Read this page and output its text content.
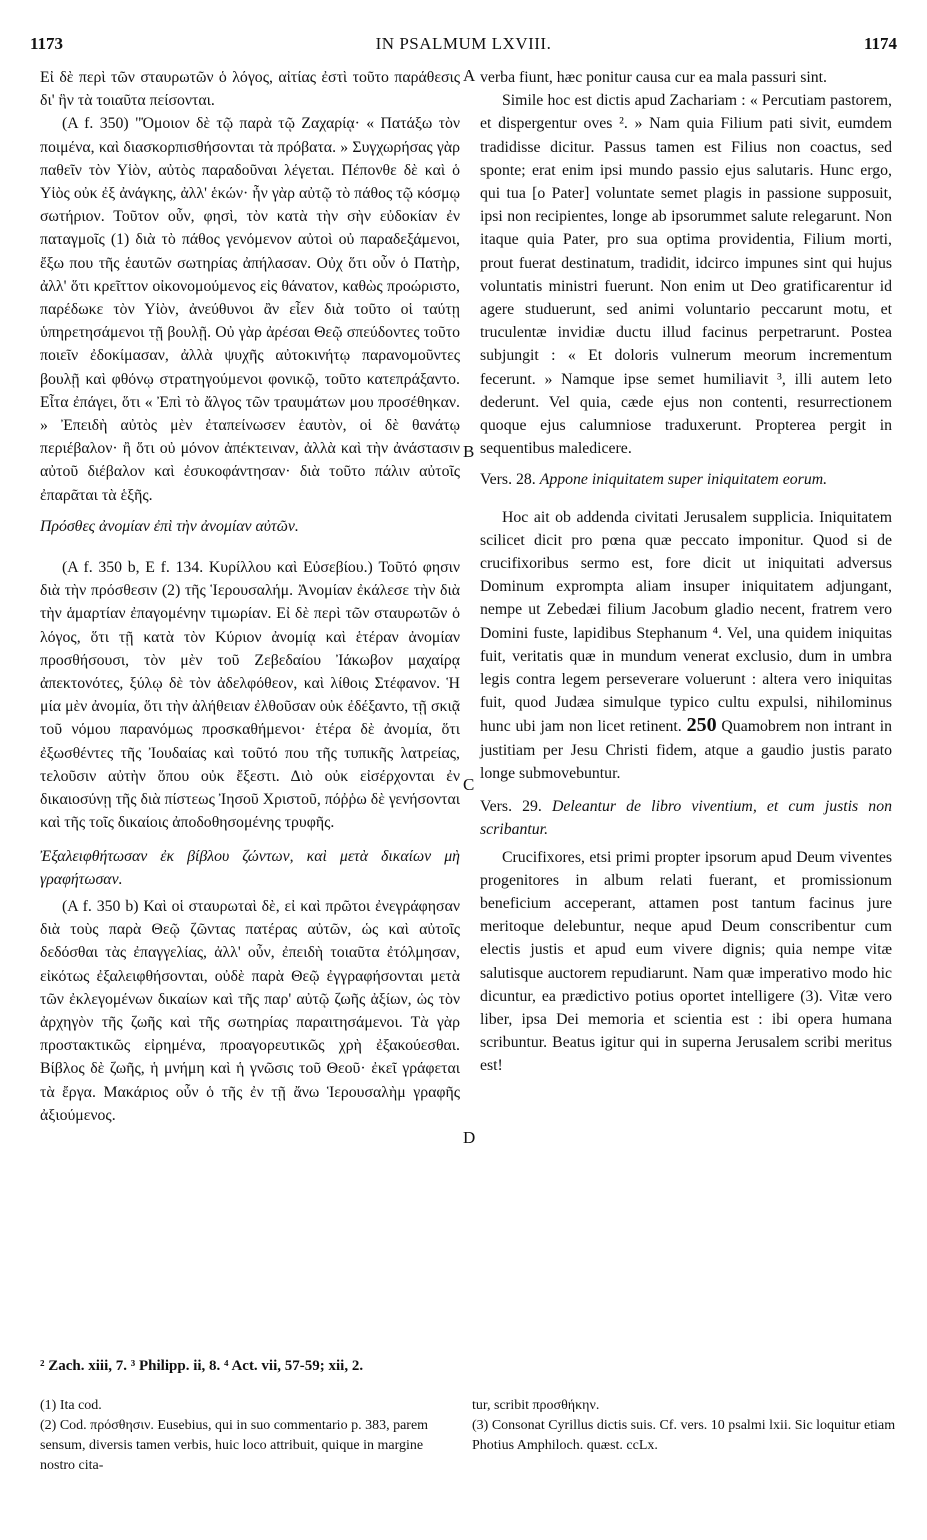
1173	IN PSALMUM LXVIII.	1174
A
B
C
D

Εἰ δὲ περὶ τῶν σταυρωτῶν ὁ λόγος, αἰτίας ἐστὶ τοῦτο παράθεσις δι' ἣν τὰ τοιαῦτα πείσονται.

(A f. 350) "Ὁμοιον δὲ τῷ παρὰ τῷ Ζαχαρίᾳ· « Πατάξω τὸν ποιμένα, καὶ διασκορπισθήσονται τὰ πρόβατα. » Συγχωρήσας γὰρ παθεῖν τὸν Υἱὸν, αὐτὸς παραδοῦναι λέγεται. Πέπονθε δὲ καὶ ὁ Υἱὸς οὐκ ἐξ ἀνάγκης, ἀλλ' ἑκών· ἦν γὰρ αὐτῷ τὸ πάθος τῷ κόσμῳ σωτήριον. Τοῦτον οὖν, φησὶ, τὸν κατὰ τὴν σὴν εὐδοκίαν ἐν παταγμοῖς (1) διὰ τὸ πάθος γενόμενον αὐτοὶ οὐ παραδεξάμενοι, ἔξω που τῆς ἑαυτῶν σωτηρίας ἀπήλασαν. Οὐχ ὅτι οὖν ὁ Πατὴρ, ἀλλ' ὅτι κρεῖττον οἰκονομούμενος εἰς θάνατον, καθὼς προώριστο, παρέδωκε τὸν Υἱὸν, ἀνεύθυνοι ἂν εἶεν διὰ τοῦτο οἱ ταύτῃ ὑπηρετησάμενοι τῇ βουλῇ. Οὐ γὰρ ἀρέσαι Θεῷ σπεύδοντες τοῦτο ποιεῖν ἐδοκίμασαν, ἀλλὰ ψυχῆς αὐτοκινήτῳ παρανομοῦντες βουλῇ καὶ φθόνῳ στρατηγούμενοι φονικῷ, τοῦτο κατεπράξαντο. Εἶτα ἐπάγει, ὅτι « Ἐπὶ τὸ ἄλγος τῶν τραυμάτων μου προσέθηκαν. » Ἐπειδὴ αὐτὸς μὲν ἐταπείνωσεν ἑαυτὸν, οἱ δὲ θανάτῳ περιέβαλον· ἢ ὅτι οὐ μόνον ἀπέκτειναν, ἀλλὰ καὶ τὴν ἀνάστασιν αὐτοῦ διέβαλον καὶ ἐσυκοφάντησαν· διὰ τοῦτο πάλιν αὐτοῖς ἐπαρᾶται τὰ ἑξῆς.

Πρόσθες ἀνομίαν ἐπὶ τὴν ἀνομίαν αὐτῶν.

(A f. 350 b, E f. 134. Κυρίλλου καὶ Εὐσεβίου.) Τοῦτό φησιν διὰ τὴν πρόσθεσιν (2) τῆς Ἱερουσαλήμ. Ἀνομίαν ἐκάλεσε τὴν διὰ τὴν ἁμαρτίαν ἐπαγομένην τιμωρίαν. Εἰ δὲ περὶ τῶν σταυρωτῶν ὁ λόγος, ὅτι τῇ κατὰ τὸν Κύριον ἀνομίᾳ καὶ ἑτέραν ἀνομίαν προσθήσουσι, τὸν μὲν τοῦ Ζεβεδαίου Ἰάκωβον μαχαίρᾳ ἀπεκτονότες, ξύλῳ δὲ τὸν ἀδελφόθεον, καὶ λίθοις Στέφανον. Ἡ μία μὲν ἀνομία, ὅτι τὴν ἀλήθειαν ἐλθοῦσαν οὐκ ἐδέξαντο, τῇ σκιᾷ τοῦ νόμου παρανόμως προσκαθήμενοι· ἑτέρα δὲ ἀνομία, ὅτι ἐξωσθέντες τῆς Ἰουδαίας καὶ τοῦτό που τῆς τυπικῆς λατρείας, τελοῦσιν αὐτὴν ὅπου οὐκ ἔξεστι. Διὸ οὐκ εἰσέρχονται ἐν δικαιοσύνῃ τῆς διὰ πίστεως Ἰησοῦ Χριστοῦ, πόῤῥω δὲ γενήσονται καὶ τῆς τοῖς δικαίοις ἀποδοθησομένης τρυφῆς.

Ἐξαλειφθήτωσαν ἐκ βίβλου ζώντων, καὶ μετὰ δικαίων μὴ γραφήτωσαν.

(A f. 350 b) Καὶ οἱ σταυρωταὶ δὲ, εἰ καὶ πρῶτοι ἐνεγράφησαν διὰ τοὺς παρὰ Θεῷ ζῶντας πατέρας αὐτῶν, ὡς καὶ αὐτοῖς δεδόσθαι τὰς ἐπαγγελίας, ἀλλ' οὖν, ἐπειδὴ τοιαῦτα ἐτόλμησαν, εἰκότως ἐξαλειφθήσονται, οὐδὲ παρὰ Θεῷ ἐγγραφήσονται μετὰ τῶν ἐκλεγομένων δικαίων καὶ τῆς παρ' αὐτῷ ζωῆς ἀξίων, ὡς τὸν ἀρχηγὸν τῆς ζωῆς καὶ τῆς σωτηρίας παραιτησάμενοι. Τὰ γὰρ προστακτικῶς εἰρημένα, προαγορευτικῶς χρὴ ἐξακούεσθαι. Βίβλος δὲ ζωῆς, ἡ μνήμη καὶ ἡ γνῶσις τοῦ Θεοῦ· ἐκεῖ γράφεται τὰ ἔργα. Μακάριος οὖν ὁ τῆς ἐν τῇ ἄνω Ἱερουσαλὴμ γραφῆς ἀξιούμενος.

verba fiunt, hæc ponitur causa cur ea mala passuri sint.

Simile hoc est dictis apud Zachariam : « Percutiam pastorem, et dispergentur oves ². » Nam quia Filium pati sivit, eumdem tradidisse dicitur. Passus tamen est Filius non coactus, sed sponte; erat enim ipsi mundo passio ejus salutaris. Hunc ergo, qui tua [o Pater] voluntate semet plagis in passione supposuit, ipsi non recipientes, longe ab ipsorummet salute relegarunt. Non itaque quia Pater, pro sua optima providentia, Filium morti, prout fuerat destinatum, tradidit, idcirco impunes sint qui hujus voluntatis ministri fuerunt. Non enim ut Deo gratificarentur id agere studuerunt, sed animi voluntario peccarunt motu, et truculentæ invidiæ ductu illud facinus perpetrarunt. Postea subjungit : « Et doloris vulnerum meorum incrementum fecerunt. » Namque ipse semet humiliavit ³, illi autem leto dederunt. Vel quia, cæde ejus non contenti, resurrectionem quoque ejus calumniose traduxerunt. Propterea pergit in sequentibus maledicere.

Vers. 28. Appone iniquitatem super iniquitatem eorum.

Hoc ait ob addenda civitati Jerusalem supplicia. Iniquitatem scilicet dicit pro pœna quæ peccato imponitur. Quod si de crucifixoribus sermo est, fore dicit ut iniquitati adversus Dominum exprompta aliam insuper iniquitatem adjungant, nempe ut Zebedæi filium Jacobum gladio necent, fratrem vero Domini fuste, lapidibus Stephanum ⁴. Vel, una quidem iniquitas fuit, veritatis quæ in mundum venerat exclusio, dum in umbra legis contra legem perseverare voluerunt : altera vero iniquitas fuit, quod Judæa simulque typico cultu expulsi, nihilominus hunc ubi jam non licet retinent. 250 Quamobrem non intrant in justitiam per Jesu Christi fidem, atque a gaudio justis parato longe submovebuntur.

Vers. 29. Deleantur de libro viventium, et cum justis non scribantur.

Crucifixores, etsi primi propter ipsorum apud Deum viventes progenitores in album relati fuerant, et promissionum beneficium acceperant, attamen post tantum facinus jure meritoque delebuntur, neque apud Deum conscribentur cum electis justis et apud eum vivere dignis; quia nempe vitæ salutisque auctorem repudiarunt. Nam quæ imperativo modo hic dicuntur, ea prædictivo potius oportet intelligere (3). Vitæ vero liber, ipsa Dei memoria et scientia est : ibi opera humana scribuntur. Beatus igitur qui in superna Jerusalem scribi meritus est!

² Zach. xiii, 7. ³ Philipp. ii, 8. ⁴ Act. vii, 57-59; xii, 2.

(1) Ita cod.

(2) Cod. πρόσθησιν. Eusebius, qui in suo commentario p. 383, parem sensum, diversis tamen verbis, huic loco attribuit, quique in margine nostro cita-

tur, scribit προσθήκην.

(3) Consonat Cyrillus dictis suis. Cf. vers. 10 psalmi lxii. Sic loquitur etiam Photius Amphiloch. quæst. ccLx.
